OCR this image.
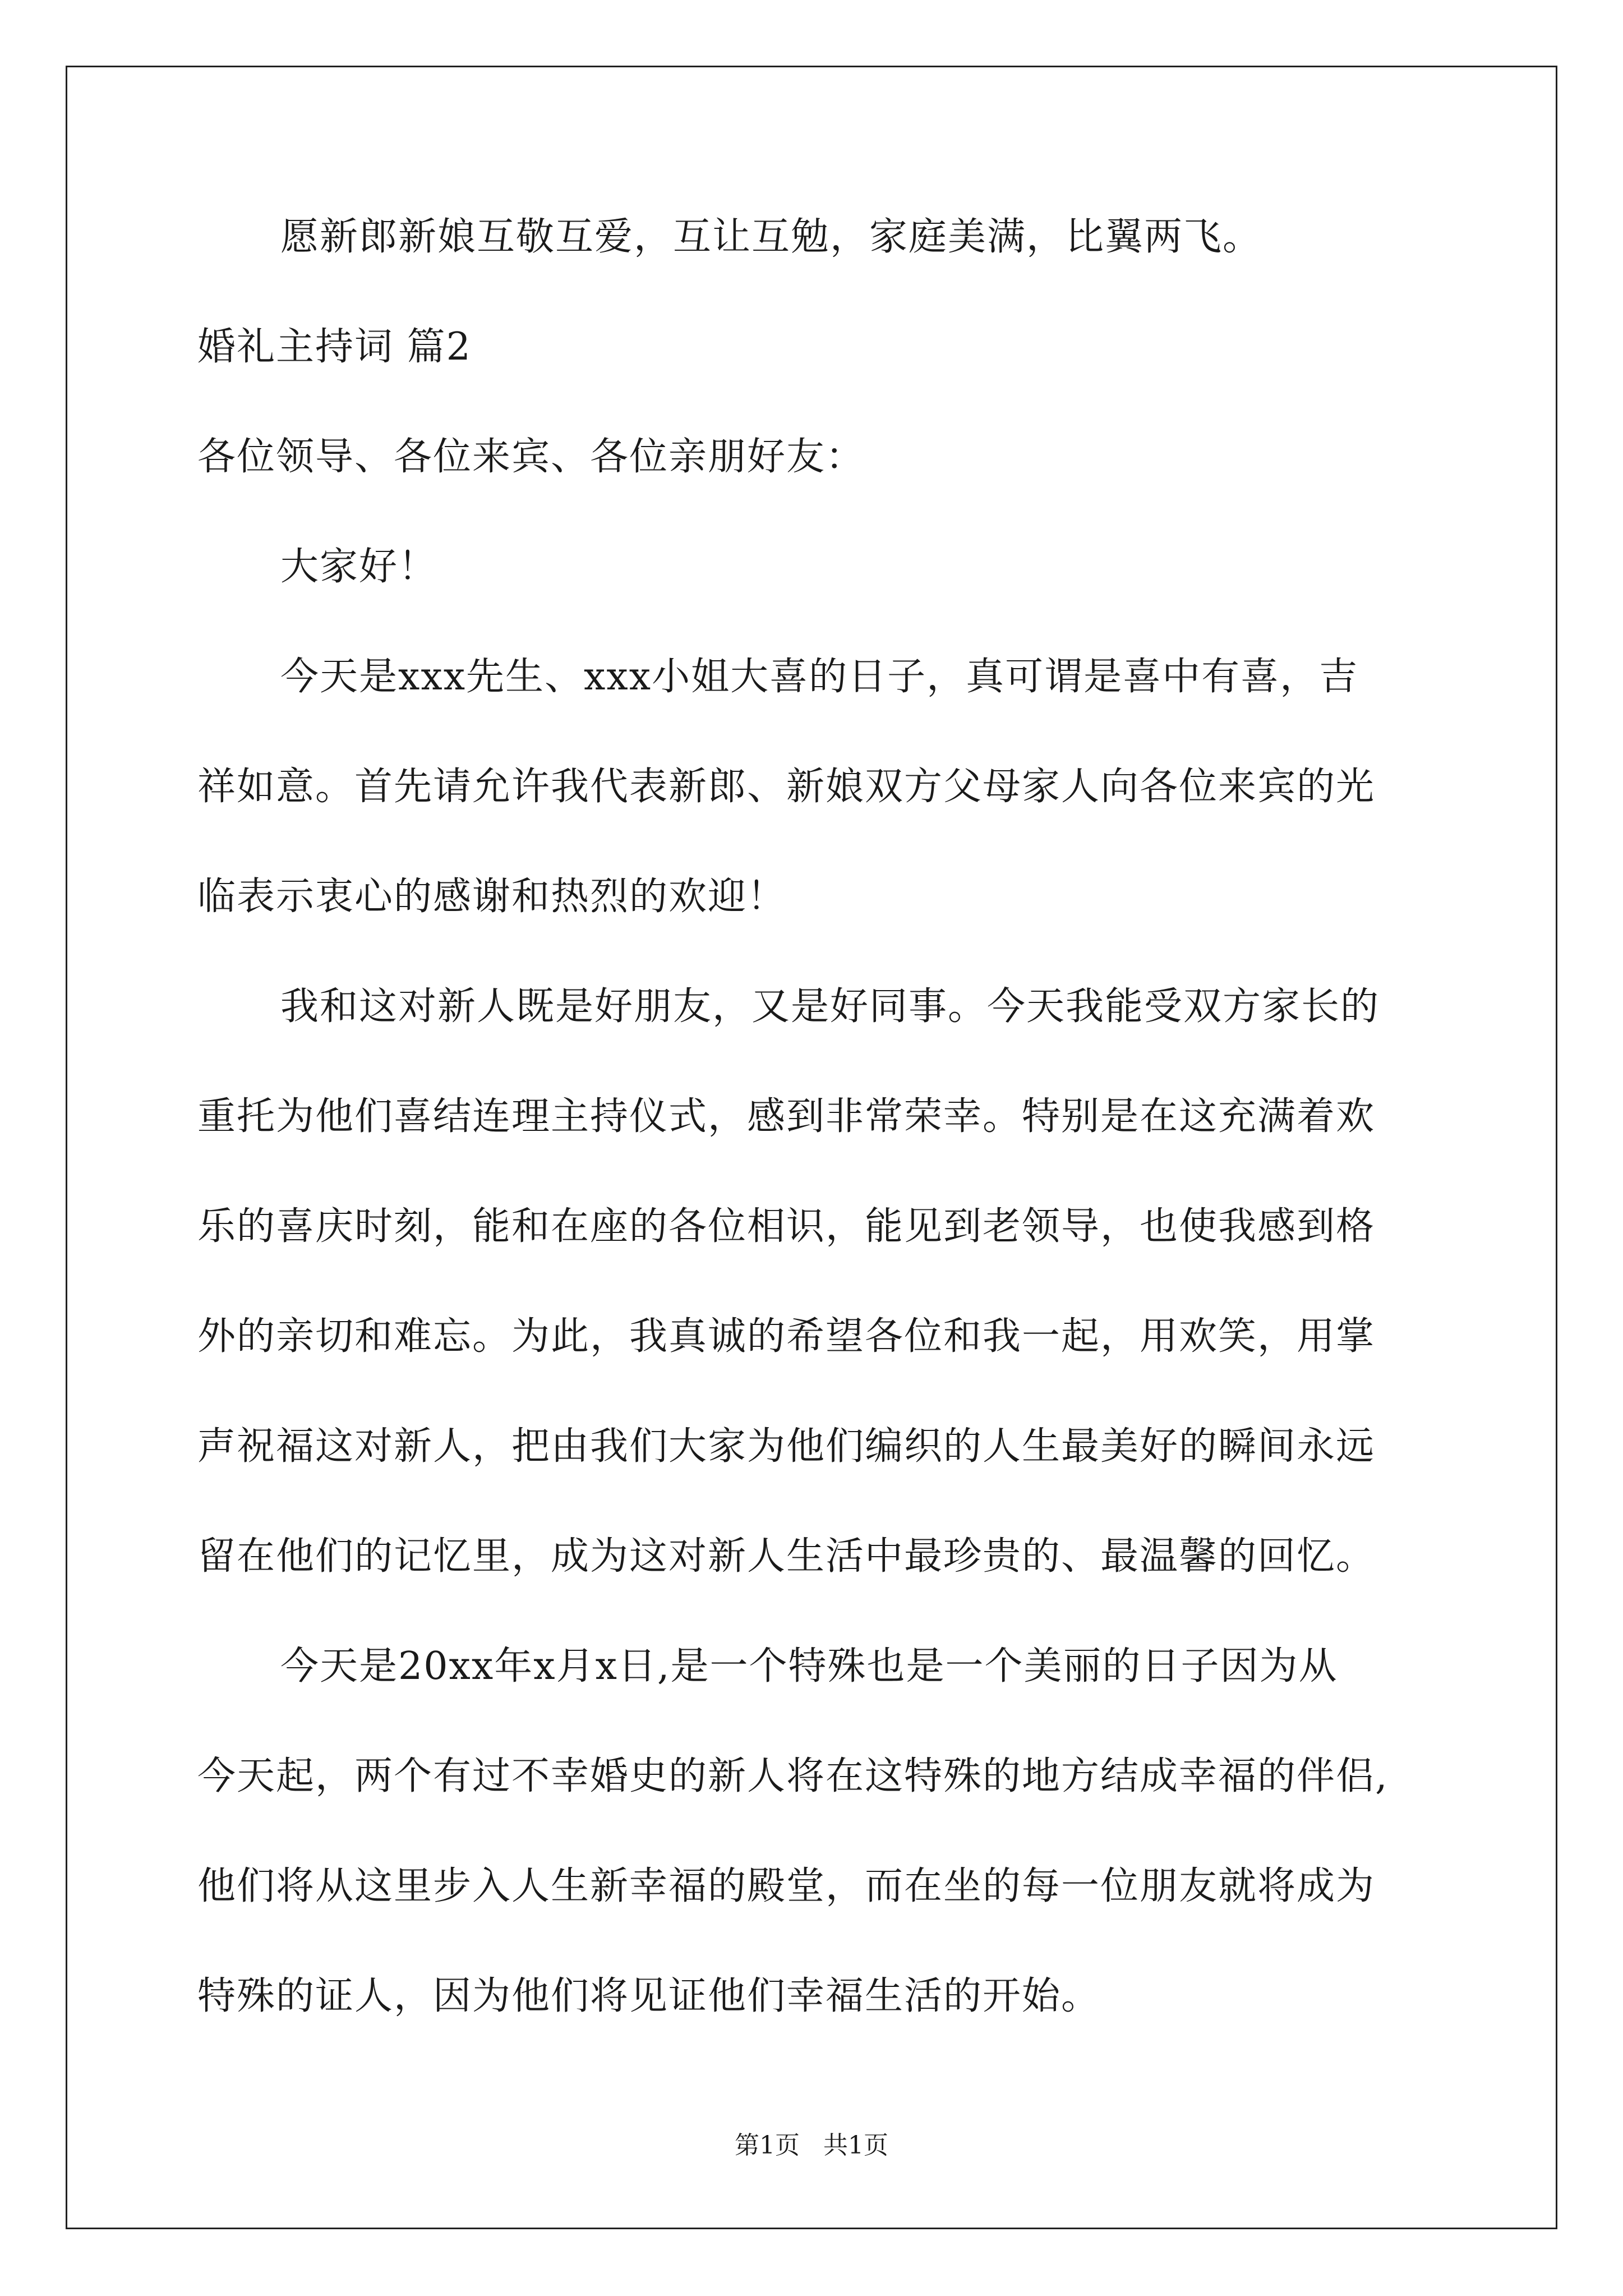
愿新郎新娘互敬互爱，互让互勉，家庭美满，比翼两飞。
婚礼主持词 篇2
各位领导、各位来宾、各位亲朋好友：
大家好！
今天是xxx先生、xxx小姐大喜的日子，真可谓是喜中有喜，吉
祥如意。首先请允许我代表新郎、新娘双方父母家人向各位来宾的光
临表示衷心的感谢和热烈的欢迎！
我和这对新人既是好朋友，又是好同事。今天我能受双方家长的
重托为他们喜结连理主持仪式，感到非常荣幸。特别是在这充满着欢
乐的喜庆时刻，能和在座的各位相识，能见到老领导，也使我感到格
外的亲切和难忘。为此，我真诚的希望各位和我一起，用欢笑，用掌
声祝福这对新人，把由我们大家为他们编织的人生最美好的瞬间永远
留在他们的记忆里，成为这对新人生活中最珍贵的、最温馨的回忆。
今天是20xx年x月x日,是一个特殊也是一个美丽的日子因为从
今天起，两个有过不幸婚史的新人将在这特殊的地方结成幸福的伴侣,
他们将从这里步入人生新幸福的殿堂，而在坐的每一位朋友就将成为
特殊的证人，因为他们将见证他们幸福生活的开始。
第1页   共1页
